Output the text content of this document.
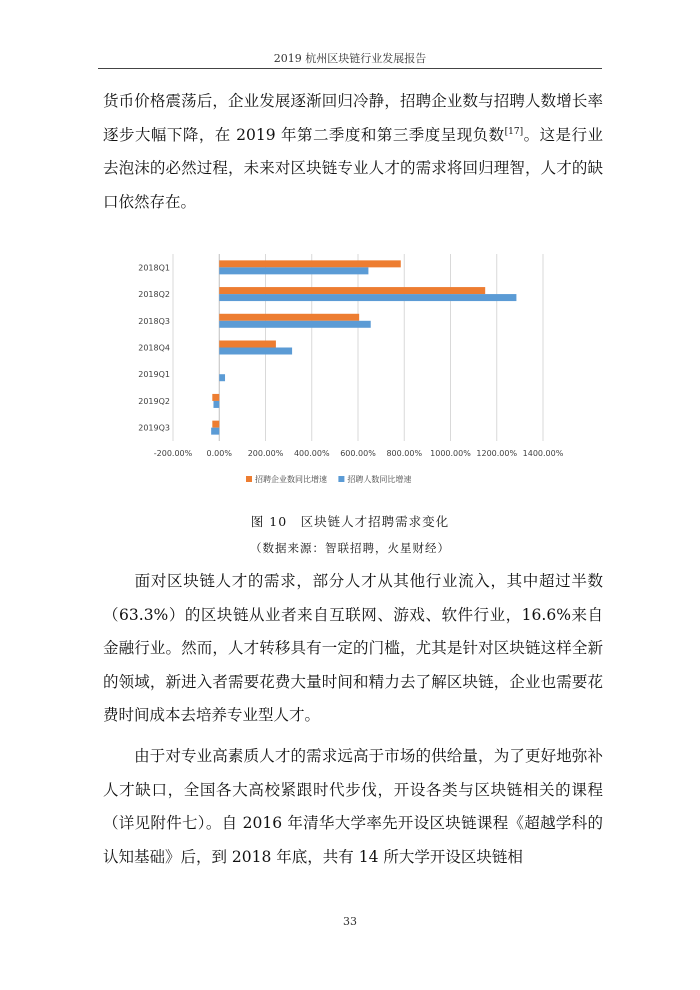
2019 杭州区块链行业发展报告

货币价格震荡后，企业发展逐渐回归冷静，招聘企业数与招聘人数增长率逐步大幅下降，在 2019 年第二季度和第三季度呈现负数[17]。这是行业去泡沫的必然过程，未来对区块链专业人才的需求将回归理智，人才的缺口依然存在。

2018Q1
2018Q2
2018Q3
2018Q4
2019Q1
2019Q2
2019Q3
-200.00% 0.00% 200.00% 400.00% 600.00% 800.00% 1000.00% 1200.00% 1400.00%
招聘企业数同比增速	招聘人数同比增速
图 10　区块链人才招聘需求变化
（数据来源：智联招聘，火星财经）

面对区块链人才的需求，部分人才从其他行业流入，其中超过半数（63.3%）的区块链从业者来自互联网、游戏、软件行业，16.6%来自金融行业。然而，人才转移具有一定的门槛，尤其是针对区块链这样全新的领域，新进入者需要花费大量时间和精力去了解区块链，企业也需要花费时间成本去培养专业型人才。

由于对专业高素质人才的需求远高于市场的供给量，为了更好地弥补人才缺口，全国各大高校紧跟时代步伐，开设各类与区块链相关的课程（详见附件七）。自 2016 年清华大学率先开设区块链课程《超越学科的认知基础》后，到 2018 年底，共有 14 所大学开设区块链相

33
